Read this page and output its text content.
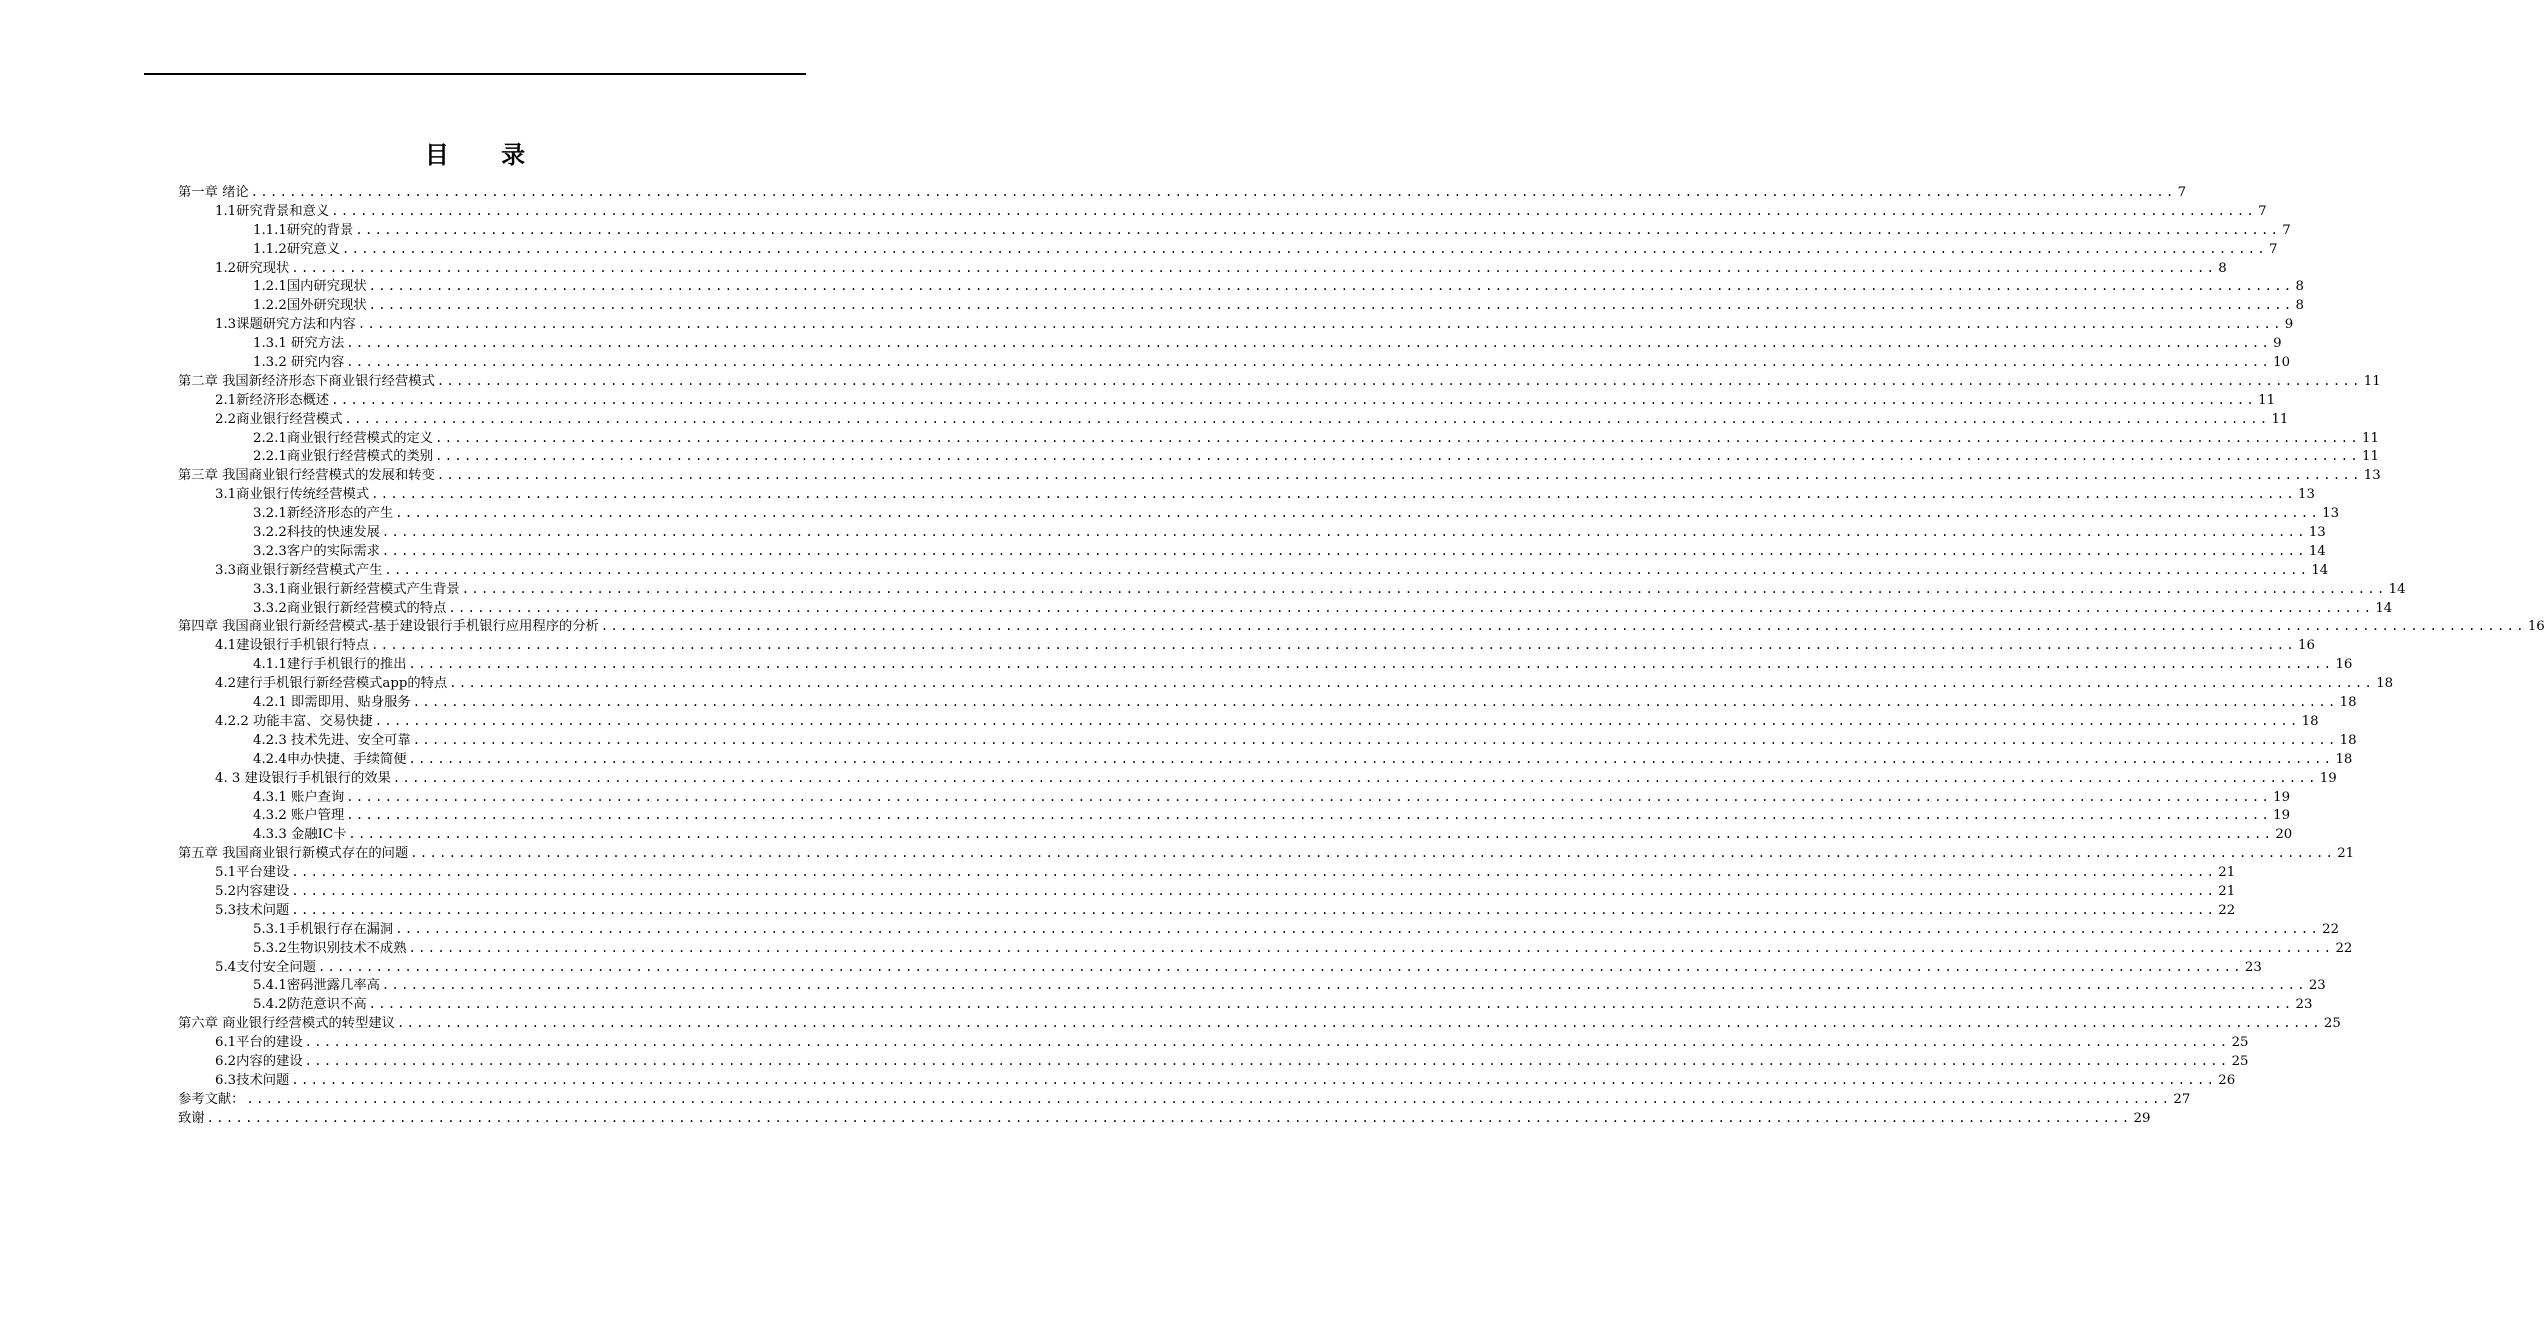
目 录
第一章 绪论 ........................................................................................................................................................................................................ 7
1.1研究背景和意义 ........................................................................................................................................................................................................ 7
1.1.1研究的背景 ........................................................................................................................................................................................................ 7
1.1.2研究意义 ........................................................................................................................................................................................................ 7
1.2研究现状 ........................................................................................................................................................................................................ 8
1.2.1国内研究现状 ........................................................................................................................................................................................................ 8
1.2.2国外研究现状 ........................................................................................................................................................................................................ 8
1.3课题研究方法和内容 ........................................................................................................................................................................................................ 9
1.3.1 研究方法 ........................................................................................................................................................................................................ 9
1.3.2 研究内容 ........................................................................................................................................................................................................ 10
第二章 我国新经济形态下商业银行经营模式 ........................................................................................................................................................................................................ 11
2.1新经济形态概述 ........................................................................................................................................................................................................ 11
2.2商业银行经营模式 ........................................................................................................................................................................................................ 11
2.2.1商业银行经营模式的定义 ........................................................................................................................................................................................................ 11
2.2.1商业银行经营模式的类别 ........................................................................................................................................................................................................ 11
第三章 我国商业银行经营模式的发展和转变 ........................................................................................................................................................................................................ 13
3.1商业银行传统经营模式 ........................................................................................................................................................................................................ 13
3.2.1新经济形态的产生 ........................................................................................................................................................................................................ 13
3.2.2科技的快速发展 ........................................................................................................................................................................................................ 13
3.2.3客户的实际需求 ........................................................................................................................................................................................................ 14
3.3商业银行新经营模式产生 ........................................................................................................................................................................................................ 14
3.3.1商业银行新经营模式产生背景 ........................................................................................................................................................................................................ 14
3.3.2商业银行新经营模式的特点 ........................................................................................................................................................................................................ 14
第四章 我国商业银行新经营模式-基于建设银行手机银行应用程序的分析 ........................................................................................................................................................................................................ 16
4.1建设银行手机银行特点 ........................................................................................................................................................................................................ 16
4.1.1建行手机银行的推出 ........................................................................................................................................................................................................ 16
4.2建行手机银行新经营模式app的特点 ........................................................................................................................................................................................................ 18
4.2.1 即需即用、贴身服务 ........................................................................................................................................................................................................ 18
4.2.2 功能丰富、交易快捷 ........................................................................................................................................................................................................ 18
4.2.3 技术先进、安全可靠 ........................................................................................................................................................................................................ 18
4.2.4申办快捷、手续简便 ........................................................................................................................................................................................................ 18
4. 3 建设银行手机银行的效果 ........................................................................................................................................................................................................ 19
4.3.1 账户查询 ........................................................................................................................................................................................................ 19
4.3.2 账户管理 ........................................................................................................................................................................................................ 19
4.3.3 金融IC卡 ........................................................................................................................................................................................................ 20
第五章 我国商业银行新模式存在的问题 ........................................................................................................................................................................................................ 21
5.1平台建设 ........................................................................................................................................................................................................ 21
5.2内容建设 ........................................................................................................................................................................................................ 21
5.3技术问题 ........................................................................................................................................................................................................ 22
5.3.1手机银行存在漏洞 ........................................................................................................................................................................................................ 22
5.3.2生物识别技术不成熟 ........................................................................................................................................................................................................ 22
5.4支付安全问题 ........................................................................................................................................................................................................ 23
5.4.1密码泄露几率高 ........................................................................................................................................................................................................ 23
5.4.2防范意识不高 ........................................................................................................................................................................................................ 23
第六章 商业银行经营模式的转型建议 ........................................................................................................................................................................................................ 25
6.1平台的建设 ........................................................................................................................................................................................................ 25
6.2内容的建设 ........................................................................................................................................................................................................ 25
6.3技术问题 ........................................................................................................................................................................................................ 26
参考文献： ........................................................................................................................................................................................................ 27
致谢 ........................................................................................................................................................................................................ 29
